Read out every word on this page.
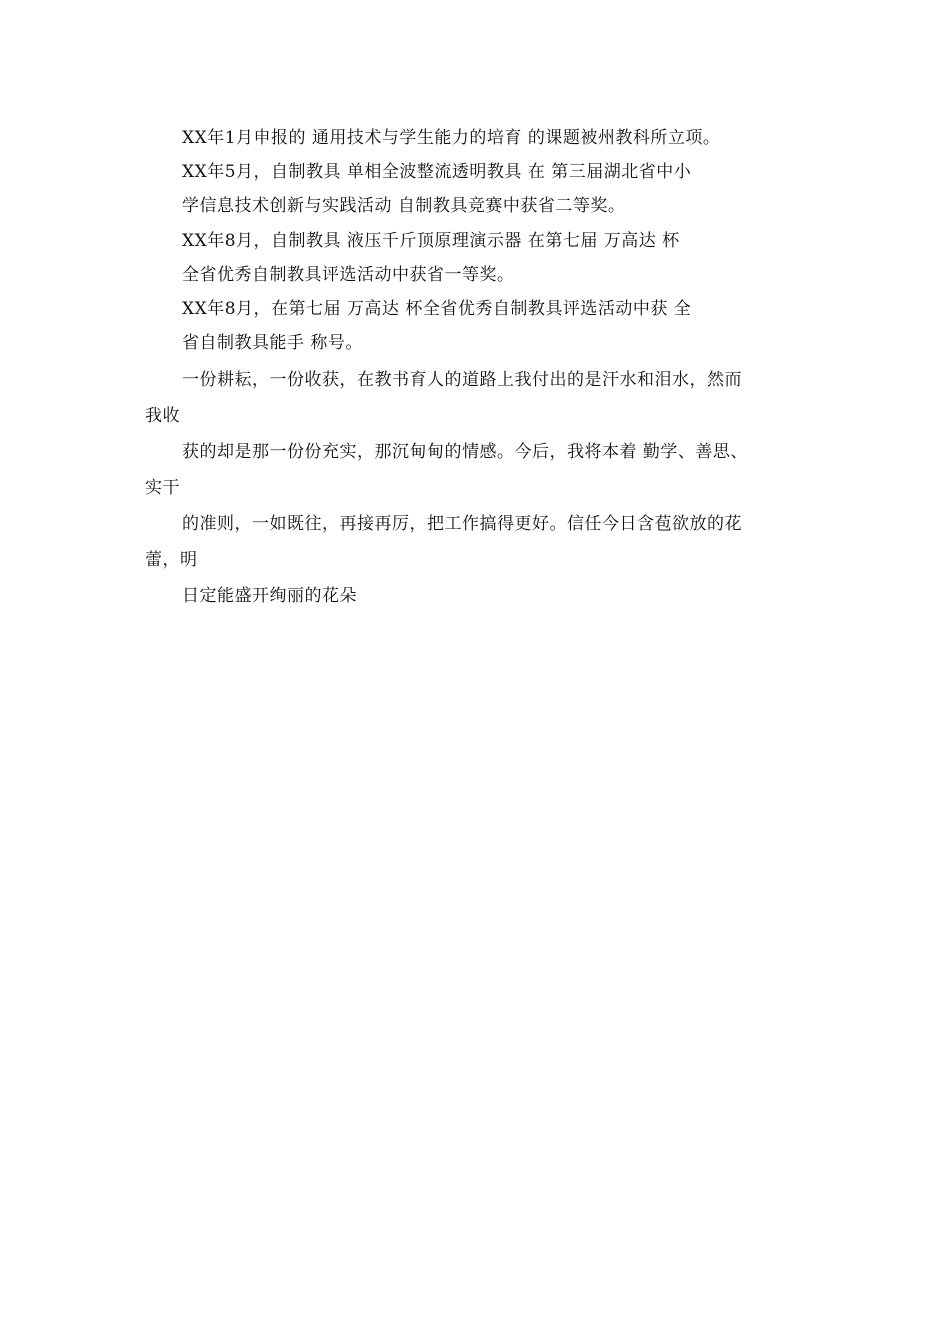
XX年1月申报的 通用技术与学生能力的培育 的课题被州教科所立项。
XX年5月，自制教具 单相全波整流透明教具 在 第三届湖北省中小
学信息技术创新与实践活动 自制教具竞赛中获省二等奖。
XX年8月，自制教具 液压千斤顶原理演示器 在第七届 万高达 杯
全省优秀自制教具评选活动中获省一等奖。
XX年8月，在第七届 万高达 杯全省优秀自制教具评选活动中获 全
省自制教具能手 称号。
一份耕耘，一份收获，在教书育人的道路上我付出的是汗水和泪水，然而
我收
获的却是那一份份充实，那沉甸甸的情感。今后，我将本着 勤学、善思、
实干
的准则，一如既往，再接再厉，把工作搞得更好。信任今日含苞欲放的花
蕾，明
日定能盛开绚丽的花朵
